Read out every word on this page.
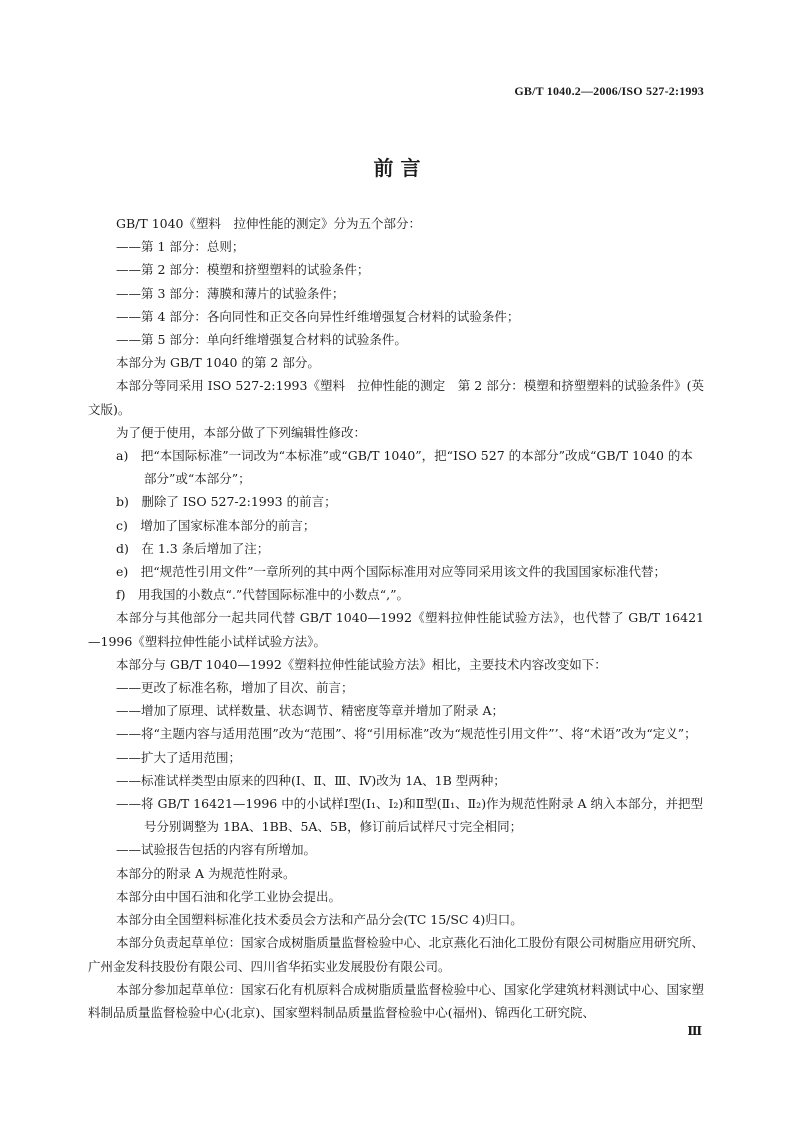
GB/T 1040.2—2006/ISO 527-2:1993
前 言
GB/T 1040《塑料　拉伸性能的测定》分为五个部分：
——第 1 部分：总则；
——第 2 部分：模塑和挤塑塑料的试验条件；
——第 3 部分：薄膜和薄片的试验条件；
——第 4 部分：各向同性和正交各向异性纤维增强复合材料的试验条件；
——第 5 部分：单向纤维增强复合材料的试验条件。
本部分为 GB/T 1040 的第 2 部分。
本部分等同采用 ISO 527-2:1993《塑料　拉伸性能的测定　第 2 部分：模塑和挤塑塑料的试验条件》(英文版)。
为了便于使用，本部分做了下列编辑性修改：
a)　把“本国际标准”一词改为“本标准”或“GB/T 1040”，把“ISO 527 的本部分”改成“GB/T 1040 的本部分”或“本部分”；
b)　删除了 ISO 527-2:1993 的前言；
c)　增加了国家标准本部分的前言；
d)　在 1.3 条后增加了注；
e)　把“规范性引用文件”一章所列的其中两个国际标准用对应等同采用该文件的我国国家标准代替；
f)　用我国的小数点“.”代替国际标准中的小数点“,”。
本部分与其他部分一起共同代替 GB/T 1040—1992《塑料拉伸性能试验方法》，也代替了 GB/T 16421—1996《塑料拉伸性能小试样试验方法》。
本部分与 GB/T 1040—1992《塑料拉伸性能试验方法》相比，主要技术内容改变如下：
——更改了标准名称，增加了目次、前言；
——增加了原理、试样数量、状态调节、精密度等章并增加了附录 A；
——将“主题内容与适用范围”改为“范围”、将“引用标准”改为“规范性引用文件”’、将“术语”改为“定义”；
——扩大了适用范围；
——标准试样类型由原来的四种(Ⅰ、Ⅱ、Ⅲ、Ⅳ)改为 1A、1B 型两种；
——将 GB/T 16421—1996 中的小试样Ⅰ型(Ⅰ₁、Ⅰ₂)和Ⅱ型(Ⅱ₁、Ⅱ₂)作为规范性附录 A 纳入本部分，并把型号分别调整为 1BA、1BB、5A、5B，修订前后试样尺寸完全相同；
——试验报告包括的内容有所增加。
本部分的附录 A 为规范性附录。
本部分由中国石油和化学工业协会提出。
本部分由全国塑料标准化技术委员会方法和产品分会(TC 15/SC 4)归口。
本部分负责起草单位：国家合成树脂质量监督检验中心、北京燕化石油化工股份有限公司树脂应用研究所、广州金发科技股份有限公司、四川省华拓实业发展股份有限公司。
本部分参加起草单位：国家石化有机原料合成树脂质量监督检验中心、国家化学建筑材料测试中心、国家塑料制品质量监督检验中心(北京)、国家塑料制品质量监督检验中心(福州)、锦西化工研究院、
Ⅲ
